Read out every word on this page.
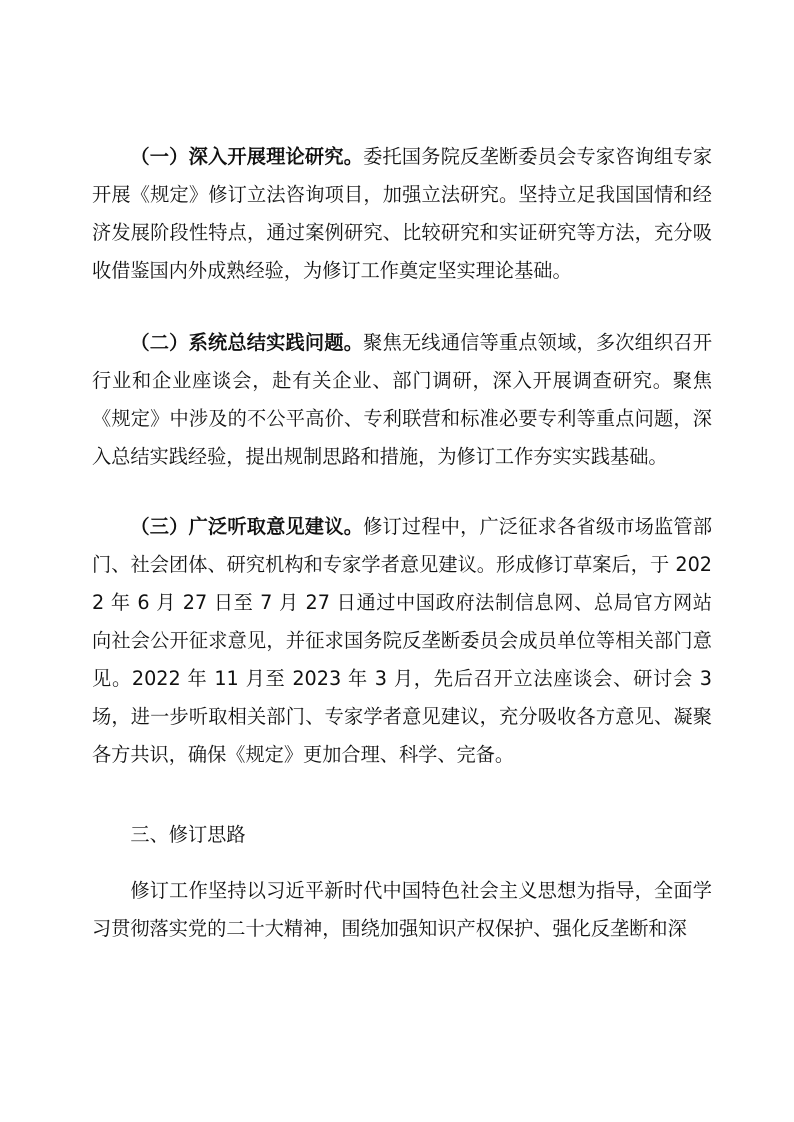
（一）深入开展理论研究。委托国务院反垄断委员会专家咨询组专家开展《规定》修订立法咨询项目，加强立法研究。坚持立足我国国情和经济发展阶段性特点，通过案例研究、比较研究和实证研究等方法，充分吸收借鉴国内外成熟经验，为修订工作奠定坚实理论基础。

（二）系统总结实践问题。聚焦无线通信等重点领域，多次组织召开行业和企业座谈会，赴有关企业、部门调研，深入开展调查研究。聚焦《规定》中涉及的不公平高价、专利联营和标准必要专利等重点问题，深入总结实践经验，提出规制思路和措施，为修订工作夯实实践基础。

（三）广泛听取意见建议。修订过程中，广泛征求各省级市场监管部门、社会团体、研究机构和专家学者意见建议。形成修订草案后，于 2022 年 6 月 27 日至 7 月 27 日通过中国政府法制信息网、总局官方网站向社会公开征求意见，并征求国务院反垄断委员会成员单位等相关部门意见。2022 年 11 月至 2023 年 3 月，先后召开立法座谈会、研讨会 3 场，进一步听取相关部门、专家学者意见建议，充分吸收各方意见、凝聚各方共识，确保《规定》更加合理、科学、完备。

三、修订思路

修订工作坚持以习近平新时代中国特色社会主义思想为指导，全面学习贯彻落实党的二十大精神，围绕加强知识产权保护、强化反垄断和深
